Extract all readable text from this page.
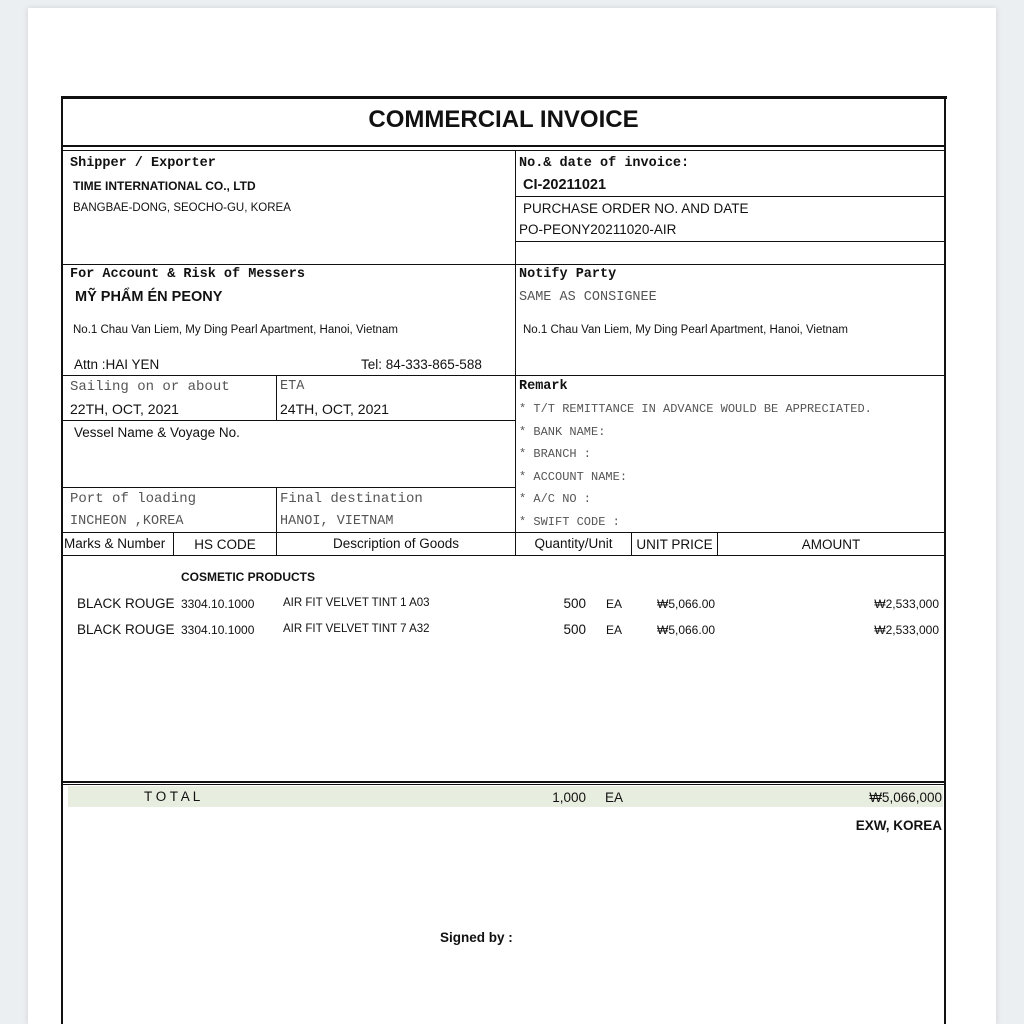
COMMERCIAL INVOICE
Shipper / Exporter
TIME INTERNATIONAL CO., LTD
BANGBAE-DONG, SEOCHO-GU, KOREA
No.& date of invoice:
CI-20211021
PURCHASE ORDER NO. AND DATE
PO-PEONY20211020-AIR
For Account & Risk of Messers
MỸ PHẨM ÉN PEONY
No.1 Chau Van Liem, My Ding Pearl Apartment, Hanoi, Vietnam
Attn :HAI YEN	Tel: 84-333-865-588
Notify Party
SAME AS CONSIGNEE
No.1 Chau Van Liem, My Ding Pearl Apartment, Hanoi, Vietnam
Sailing on or about
22TH, OCT, 2021
ETA
24TH, OCT, 2021
Vessel Name & Voyage No.
Port of loading
INCHEON ,KOREA
Final destination
HANOI, VIETNAM
Remark
* T/T REMITTANCE IN ADVANCE WOULD BE APPRECIATED.
* BANK NAME:
* BRANCH :
* ACCOUNT NAME:
* A/C NO :
* SWIFT CODE :
Marks & Number	HS CODE	Description of Goods	Quantity/Unit	UNIT PRICE	AMOUNT
COSMETIC PRODUCTS
BLACK ROUGE 3304.10.1000 AIR FIT VELVET TINT 1 A03	500 EA	₩5,066.00	₩2,533,000
BLACK ROUGE 3304.10.1000 AIR FIT VELVET TINT 7 A32	500 EA	₩5,066.00	₩2,533,000
T O T A L	1,000 EA	₩5,066,000
EXW, KOREA
Signed by :
